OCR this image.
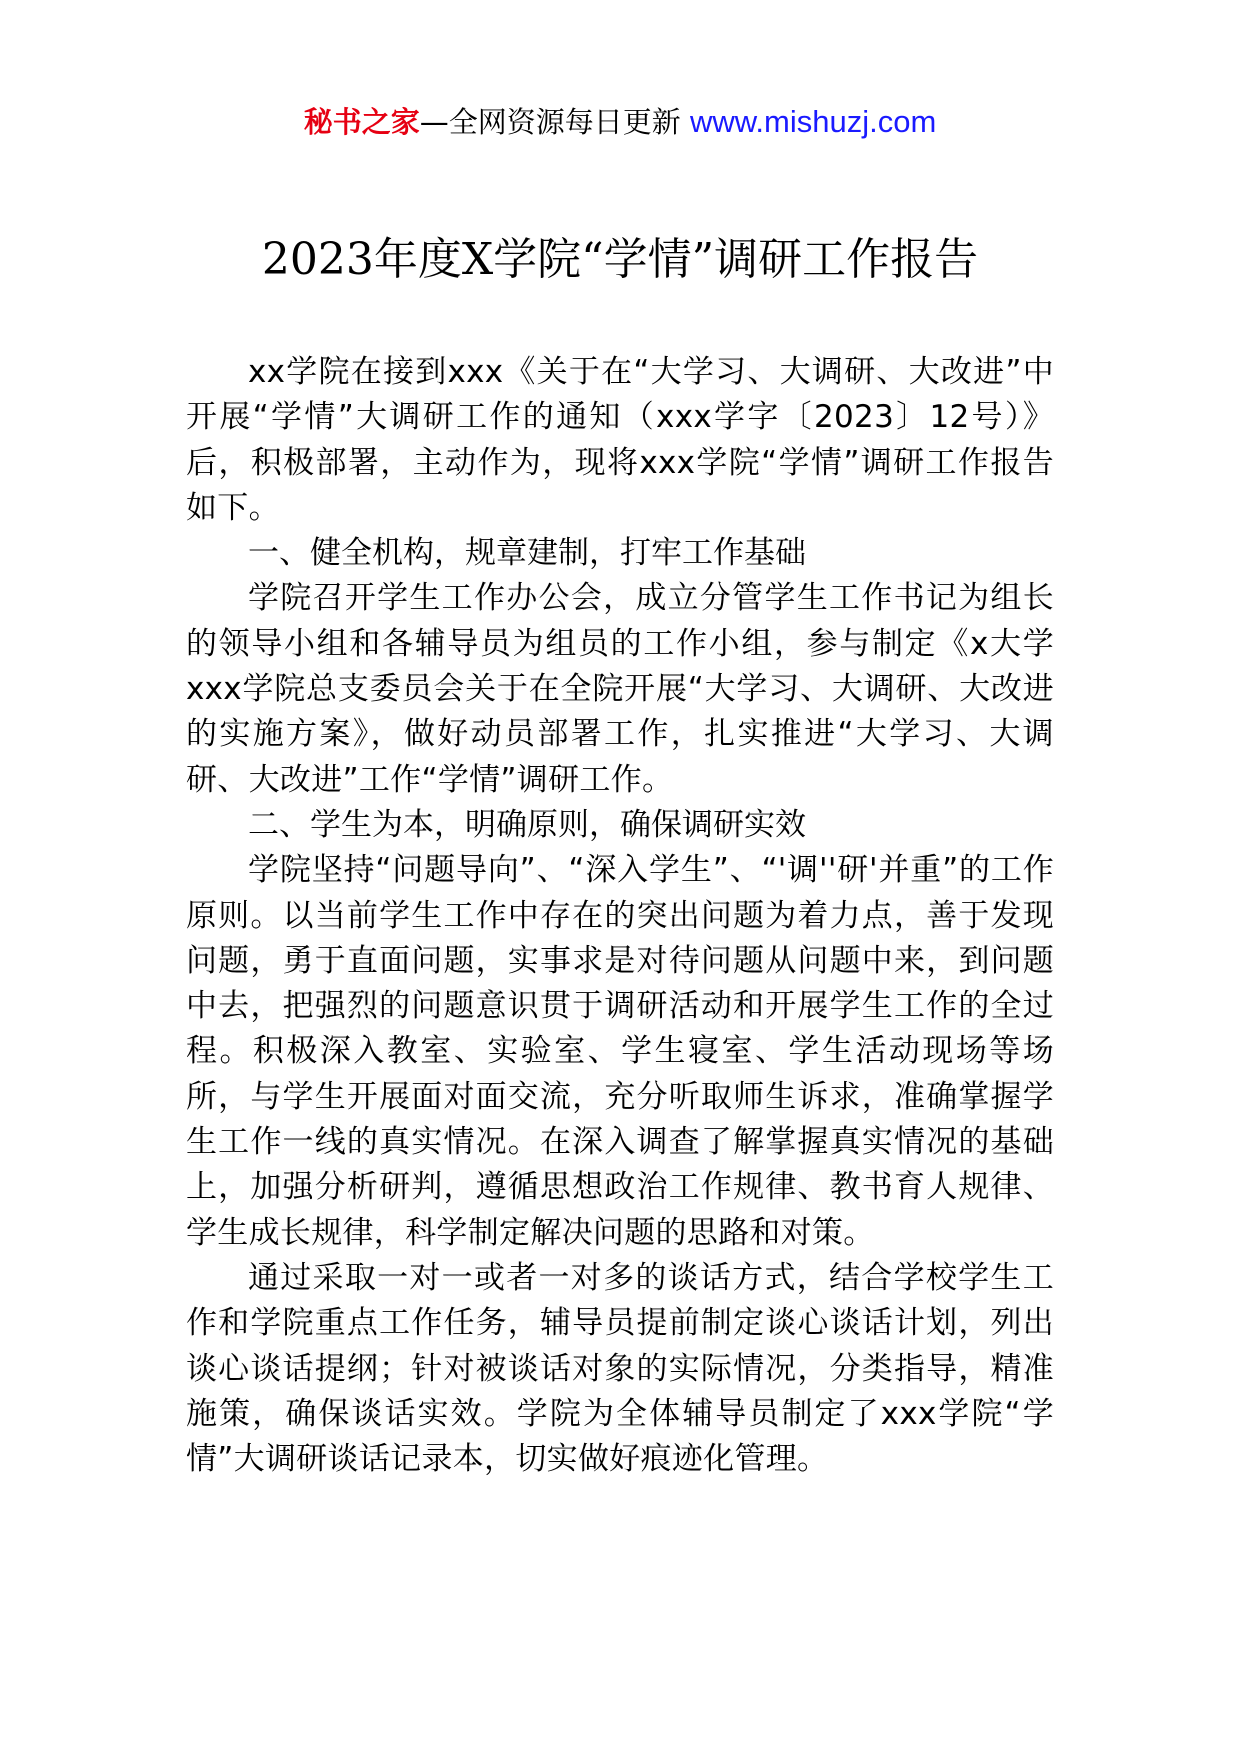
秘书之家—全网资源每日更新 www.mishuzj.com
2023年度X学院“学情”调研工作报告

xx学院在接到xxx《关于在“大学习、大调研、大改进”中开展“学情”大调研工作的通知（xxx学字〔2023〕12号）》后，积极部署，主动作为，现将xxx学院“学情”调研工作报告如下。

一、健全机构，规章建制，打牢工作基础

学院召开学生工作办公会，成立分管学生工作书记为组长的领导小组和各辅导员为组员的工作小组，参与制定《x大学xxx学院总支委员会关于在全院开展“大学习、大调研、大改进的实施方案》，做好动员部署工作，扎实推进“大学习、大调研、大改进”工作“学情”调研工作。

二、学生为本，明确原则，确保调研实效

学院坚持“问题导向”、“深入学生”、“'调''研'并重”的工作原则。以当前学生工作中存在的突出问题为着力点，善于发现问题，勇于直面问题，实事求是对待问题从问题中来，到问题中去，把强烈的问题意识贯于调研活动和开展学生工作的全过程。积极深入教室、实验室、学生寝室、学生活动现场等场所，与学生开展面对面交流，充分听取师生诉求，准确掌握学生工作一线的真实情况。在深入调查了解掌握真实情况的基础上，加强分析研判，遵循思想政治工作规律、教书育人规律、学生成长规律，科学制定解决问题的思路和对策。

通过采取一对一或者一对多的谈话方式，结合学校学生工作和学院重点工作任务，辅导员提前制定谈心谈话计划，列出谈心谈话提纲；针对被谈话对象的实际情况，分类指导，精准施策，确保谈话实效。学院为全体辅导员制定了xxx学院“学情”大调研谈话记录本，切实做好痕迹化管理。
